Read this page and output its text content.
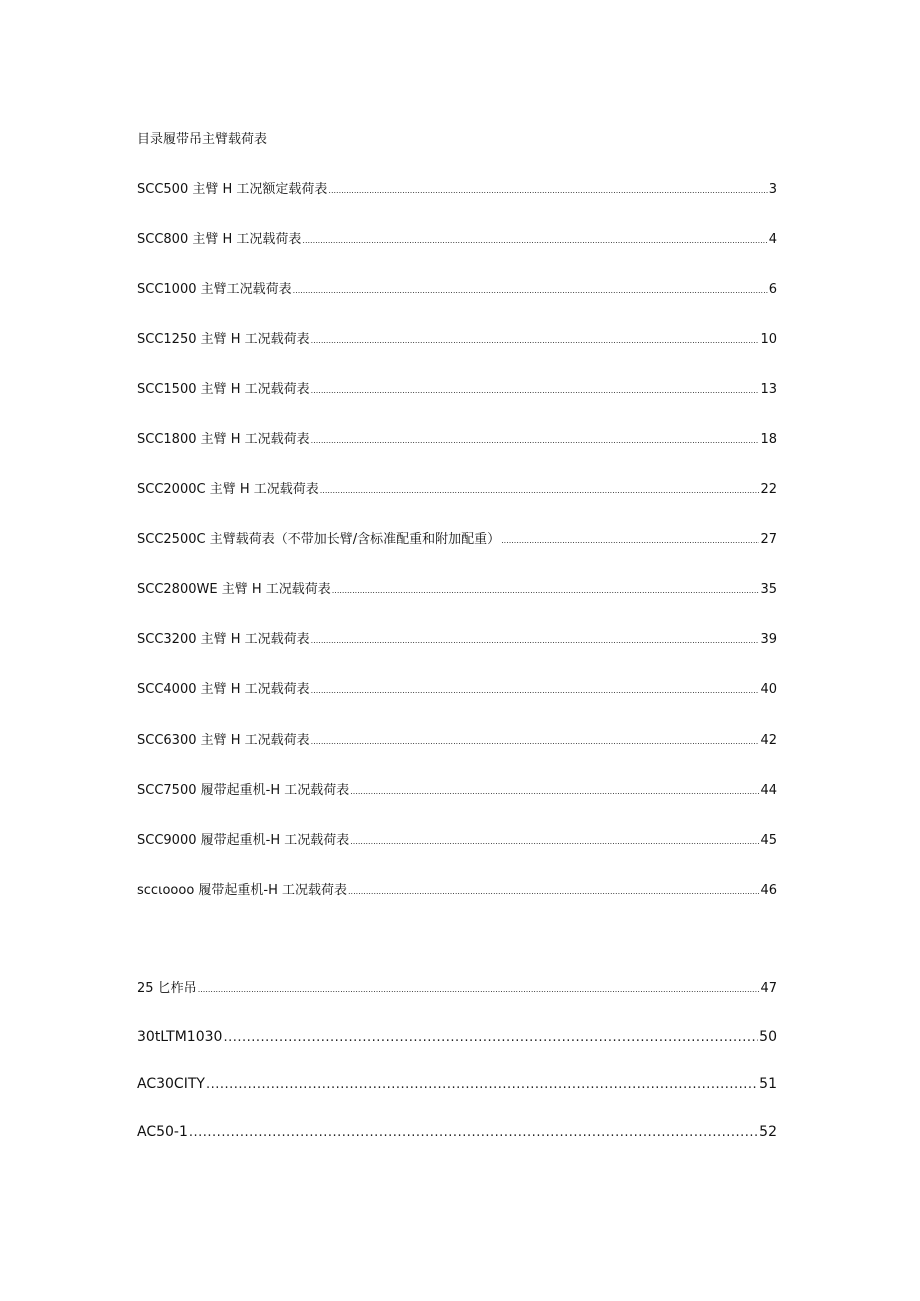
目录履带吊主臂载荷表
SCC500 主臂 H 工况额定载荷表 .....	3
SCC800 主臂 H 工况载荷表 .....	4
SCC1000 主臂工况载荷表 .....	6
SCC1250 主臂 H 工况载荷表 .....	10
SCC1500 主臂 H 工况载荷表 .....	13
SCC1800 主臂 H 工况载荷表 .....	18
SCC2000C 主臂 H 工况载荷表 .....	22
SCC2500C 主臂载荷表（不带加长臂/含标准配重和附加配重） .....	27
SCC2800WE 主臂 H 工况载荷表 .....	35
SCC3200 主臂 H 工况载荷表 .....	39
SCC4000 主臂 H 工况载荷表 .....	40
SCC6300 主臂 H 工况载荷表 .....	42
SCC7500 履带起重机-H 工况载荷表 .....	44
SCC9000 履带起重机-H 工况载荷表 .....	45
sccιoooo 履带起重机-H 工况载荷表 .....	46
25 匕柞吊 .....	47
30tLTM1030 .....	50
AC30CITY .....	51
AC50-1 .....	52
